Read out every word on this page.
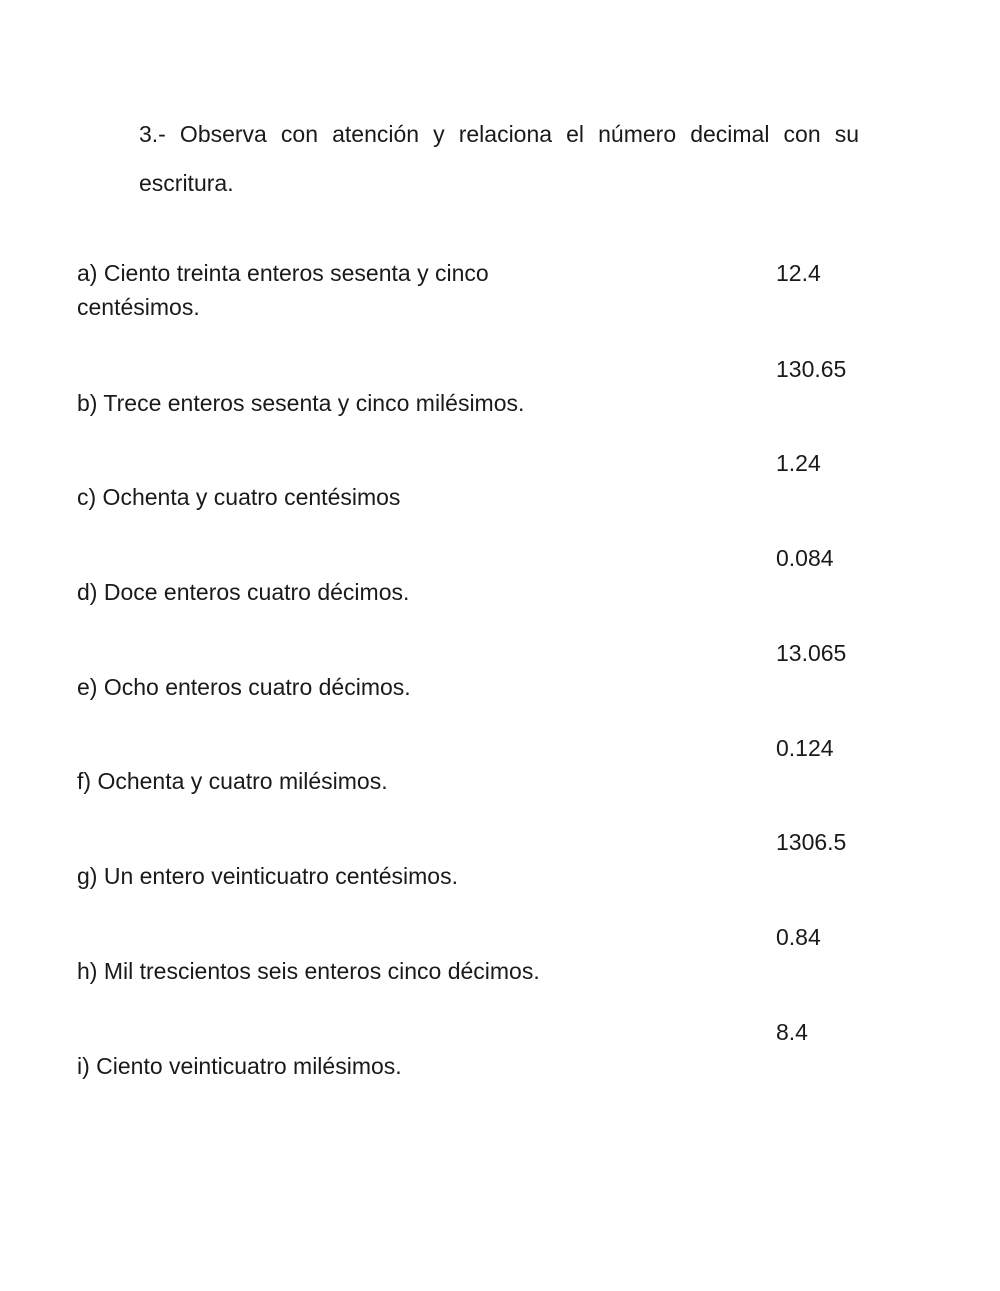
3.- Observa con atención y relaciona el número decimal con su escritura.

a) Ciento treinta enteros sesenta y cinco
centésimos.

b) Trece enteros sesenta y cinco milésimos.

c) Ochenta y cuatro centésimos

d) Doce enteros cuatro décimos.

e) Ocho enteros cuatro décimos.

f) Ochenta y cuatro milésimos.

g) Un entero veinticuatro centésimos.

h) Mil trescientos seis enteros cinco décimos.

i) Ciento veinticuatro milésimos.

12.4

130.65

1.24

0.084

13.065

0.124

1306.5

0.84

8.4
